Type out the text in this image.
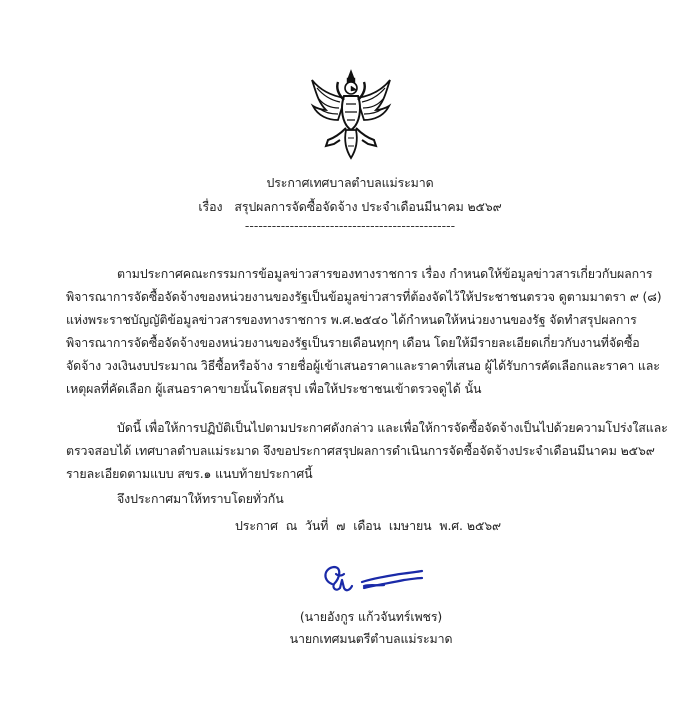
ประกาศเทศบาลตำบลแม่ระมาด
เรื่อง สรุปผลการจัดซื้อจัดจ้าง ประจำเดือนมีนาคม ๒๕๖๙
-----------------------------------------------
ตามประกาศคณะกรรมการข้อมูลข่าวสารของทางราชการ เรื่อง กำหนดให้ข้อมูลข่าวสารเกี่ยวกับผลการ
พิจารณาการจัดซื้อจัดจ้างของหน่วยงานของรัฐเป็นข้อมูลข่าวสารที่ต้องจัดไว้ให้ประชาชนตรวจ ดูตามมาตรา ๙ (๘)
แห่งพระราชบัญญัติข้อมูลข่าวสารของทางราชการ พ.ศ.๒๕๔๐ ได้กำหนดให้หน่วยงานของรัฐ จัดทำสรุปผลการ
พิจารณาการจัดซื้อจัดจ้างของหน่วยงานของรัฐเป็นรายเดือนทุกๆ เดือน โดยให้มีรายละเอียดเกี่ยวกับงานที่จัดซื้อ
จัดจ้าง วงเงินงบประมาณ วิธีซื้อหรือจ้าง รายชื่อผู้เข้าเสนอราคาและราคาที่เสนอ ผู้ได้รับการคัดเลือกและราคา และ
เหตุผลที่คัดเลือก ผู้เสนอราคาขายนั้นโดยสรุป เพื่อให้ประชาชนเข้าตรวจดูได้ นั้น
บัดนี้ เพื่อให้การปฏิบัติเป็นไปตามประกาศดังกล่าว และเพื่อให้การจัดซื้อจัดจ้างเป็นไปด้วยความโปร่งใสและ
ตรวจสอบได้ เทศบาลตำบลแม่ระมาด จึงขอประกาศสรุปผลการดำเนินการจัดซื้อจัดจ้างประจำเดือนมีนาคม ๒๕๖๙
รายละเอียดตามแบบ สขร.๑ แนบท้ายประกาศนี้
จึงประกาศมาให้ทราบโดยทั่วกัน
ประกาศ ณ วันที่ ๗ เดือน เมษายน พ.ศ. ๒๕๖๙
(นายอังกูร แก้วจันทร์เพชร)
นายกเทศมนตรีตำบลแม่ระมาด
